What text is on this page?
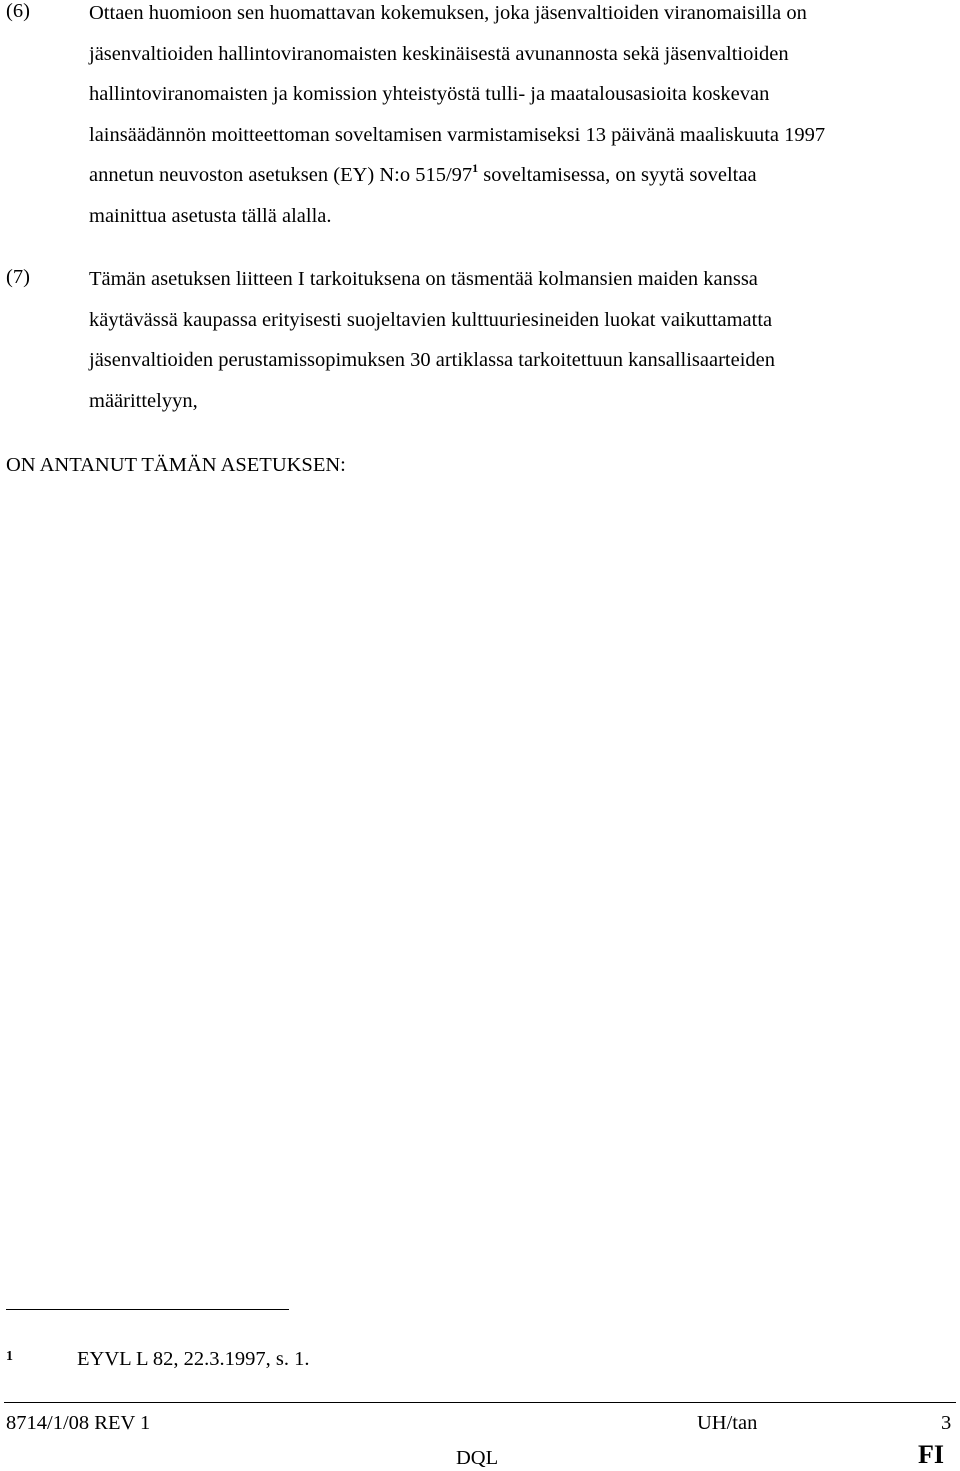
(6)	Ottaen huomioon sen huomattavan kokemuksen, joka jäsenvaltioiden viranomaisilla on
jäsenvaltioiden hallintoviranomaisten keskinäisestä avunannosta sekä jäsenvaltioiden
hallintoviranomaisten ja komission yhteistyöstä tulli- ja maatalousasioita koskevan
lainsäädännön moitteettoman soveltamisen varmistamiseksi 13 päivänä maaliskuuta 1997
annetun neuvoston asetuksen (EY) N:o $515/97^1$ soveltamisessa, on syytä soveltaa
mainittua asetusta tällä alalla.
(7)	Tämän asetuksen liitteen I tarkoituksena on täsmentää kolmansien maiden kanssa
käytävässä kaupassa erityisesti suojeltavien kulttuuriesineiden luokat vaikuttamatta
jäsenvaltioiden perustamissopimuksen 30 artiklassa tarkoitettuun kansallisaarteiden
määrittelyyn,
ON ANTANUT TÄMÄN ASETUKSEN:
1	EYVL L 82, 22.3.1997, s. 1.
8714/1/08 REV 1	UH/tan	3
DQL	FI
